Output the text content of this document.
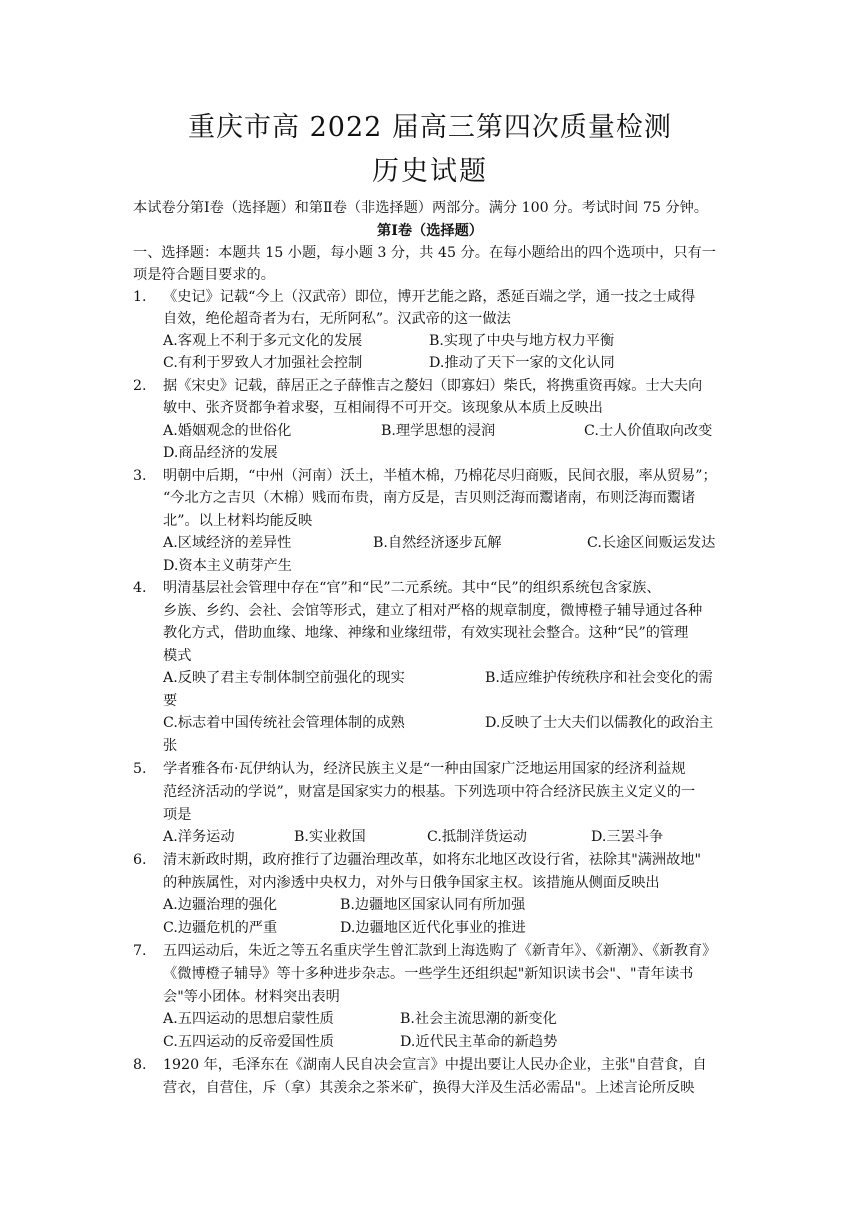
重庆市高 2022 届高三第四次质量检测
历史试题
本试卷分第Ⅰ卷（选择题）和第Ⅱ卷（非选择题）两部分。满分 100 分。考试时间 75 分钟。
第Ⅰ卷（选择题）
一、选择题：本题共 15 小题，每小题 3 分，共 45 分。在每小题给出的四个选项中，只有一
项是符合题目要求的。
1. 《史记》记载“今上（汉武帝）即位，博开艺能之路，悉延百端之学，通一技之士咸得
自效，绝伦超奇者为右，无所阿私”。汉武帝的这一做法
A.客观上不利于多元文化的发展	B.实现了中央与地方权力平衡
C.有利于罗致人才加强社会控制	D.推动了天下一家的文化认同
2. 据《宋史》记载，薛居正之子薛惟吉之嫠妇（即寡妇）柴氏，将携重资再嫁。士大夫向
敏中、张齐贤都争着求娶，互相闹得不可开交。该现象从本质上反映出
A.婚姻观念的世俗化	B.理学思想的浸润	C.士人价值取向改变
D.商品经济的发展
3. 明朝中后期，“中州（河南）沃土，半植木棉，乃棉花尽归商贩，民间衣服，率从贸易”；
“今北方之吉贝（木棉）贱而布贵，南方反是，吉贝则泛海而鬻诸南，布则泛海而鬻诸
北”。以上材料均能反映
A.区域经济的差异性	B.自然经济逐步瓦解	C.长途区间贩运发达
D.资本主义萌芽产生
4. 明清基层社会管理中存在“官”和“民”二元系统。其中“民”的组织系统包含家族、
乡族、乡约、会社、会馆等形式，建立了相对严格的规章制度，微博橙子辅导通过各种
教化方式，借助血缘、地缘、神缘和业缘纽带，有效实现社会整合。这种“民”的管理
模式
A.反映了君主专制体制空前强化的现实	B.适应维护传统秩序和社会变化的需
要
C.标志着中国传统社会管理体制的成熟	D.反映了士大夫们以儒教化的政治主
张
5. 学者雅各布·瓦伊纳认为，经济民族主义是“一种由国家广泛地运用国家的经济利益规
范经济活动的学说”，财富是国家实力的根基。下列选项中符合经济民族主义定义的一
项是
A.洋务运动	B.实业救国	C.抵制洋货运动	D.三罢斗争
6. 清末新政时期，政府推行了边疆治理改革，如将东北地区改设行省，祛除其"满洲故地"
的种族属性，对内渗透中央权力，对外与日俄争国家主权。该措施从侧面反映出
A.边疆治理的强化	B.边疆地区国家认同有所加强
C.边疆危机的严重	D.边疆地区近代化事业的推进
7. 五四运动后，朱近之等五名重庆学生曾汇款到上海选购了《新青年》、《新潮》、《新教育》
《微博橙子辅导》等十多种进步杂志。一些学生还组织起"新知识读书会"、"青年读书
会"等小团体。材料突出表明
A.五四运动的思想启蒙性质	B.社会主流思潮的新变化
C.五四运动的反帝爱国性质	D.近代民主革命的新趋势
8. 1920 年，毛泽东在《湖南人民自决会宣言》中提出要让人民办企业，主张"自营食，自
营衣，自营住，斥（拿）其羡余之茶米矿，换得大洋及生活必需品"。上述言论所反映
